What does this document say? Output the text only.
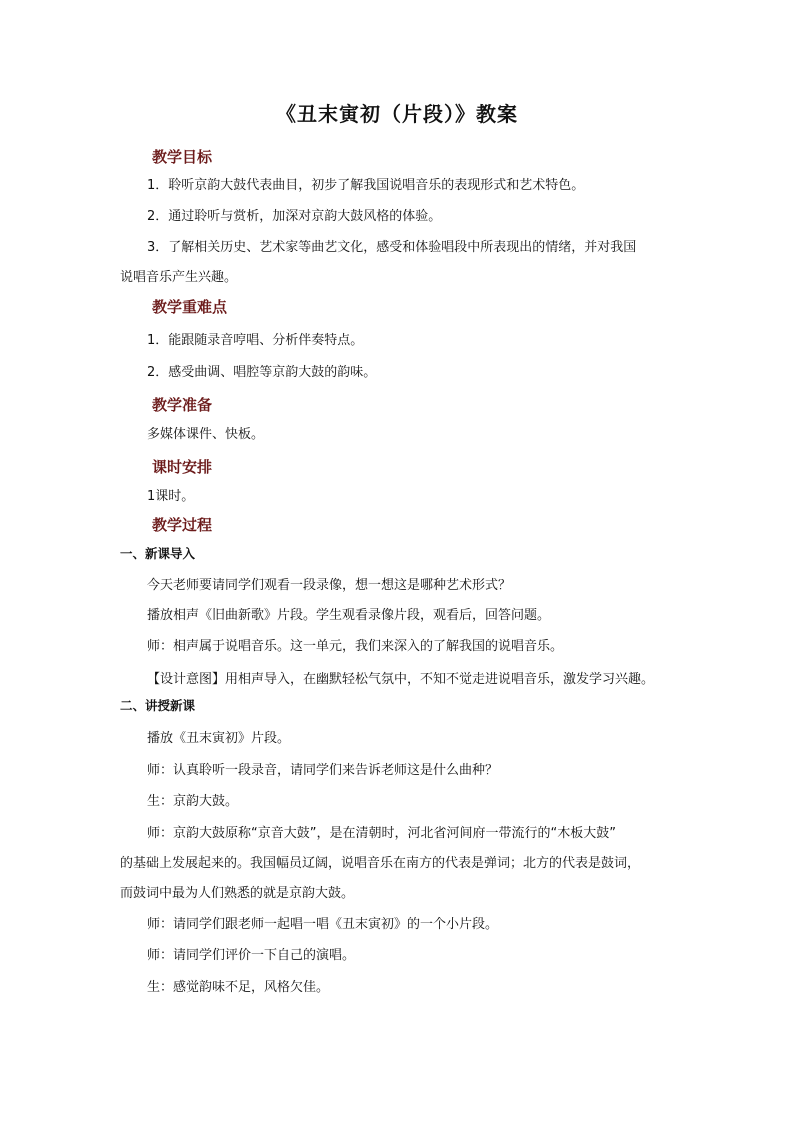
《丑末寅初（片段）》教案
教学目标
1．聆听京韵大鼓代表曲目，初步了解我国说唱音乐的表现形式和艺术特色。
2．通过聆听与赏析，加深对京韵大鼓风格的体验。
3．了解相关历史、艺术家等曲艺文化，感受和体验唱段中所表现出的情绪，并对我国
说唱音乐产生兴趣。
教学重难点
1．能跟随录音哼唱、分析伴奏特点。
2．感受曲调、唱腔等京韵大鼓的韵味。
教学准备
多媒体课件、快板。
课时安排
1课时。
教学过程
一、新课导入
今天老师要请同学们观看一段录像，想一想这是哪种艺术形式？
播放相声《旧曲新歌》片段。学生观看录像片段，观看后，回答问题。
师：相声属于说唱音乐。这一单元，我们来深入的了解我国的说唱音乐。
【设计意图】用相声导入，在幽默轻松气氛中，不知不觉走进说唱音乐，激发学习兴趣。
二、讲授新课
播放《丑末寅初》片段。
师：认真聆听一段录音，请同学们来告诉老师这是什么曲种？
生：京韵大鼓。
师：京韵大鼓原称“京音大鼓”，是在清朝时，河北省河间府一带流行的“木板大鼓”
的基础上发展起来的。我国幅员辽阔，说唱音乐在南方的代表是弹词；北方的代表是鼓词，
而鼓词中最为人们熟悉的就是京韵大鼓。
师：请同学们跟老师一起唱一唱《丑末寅初》的一个小片段。
师：请同学们评价一下自己的演唱。
生：感觉韵味不足，风格欠佳。
